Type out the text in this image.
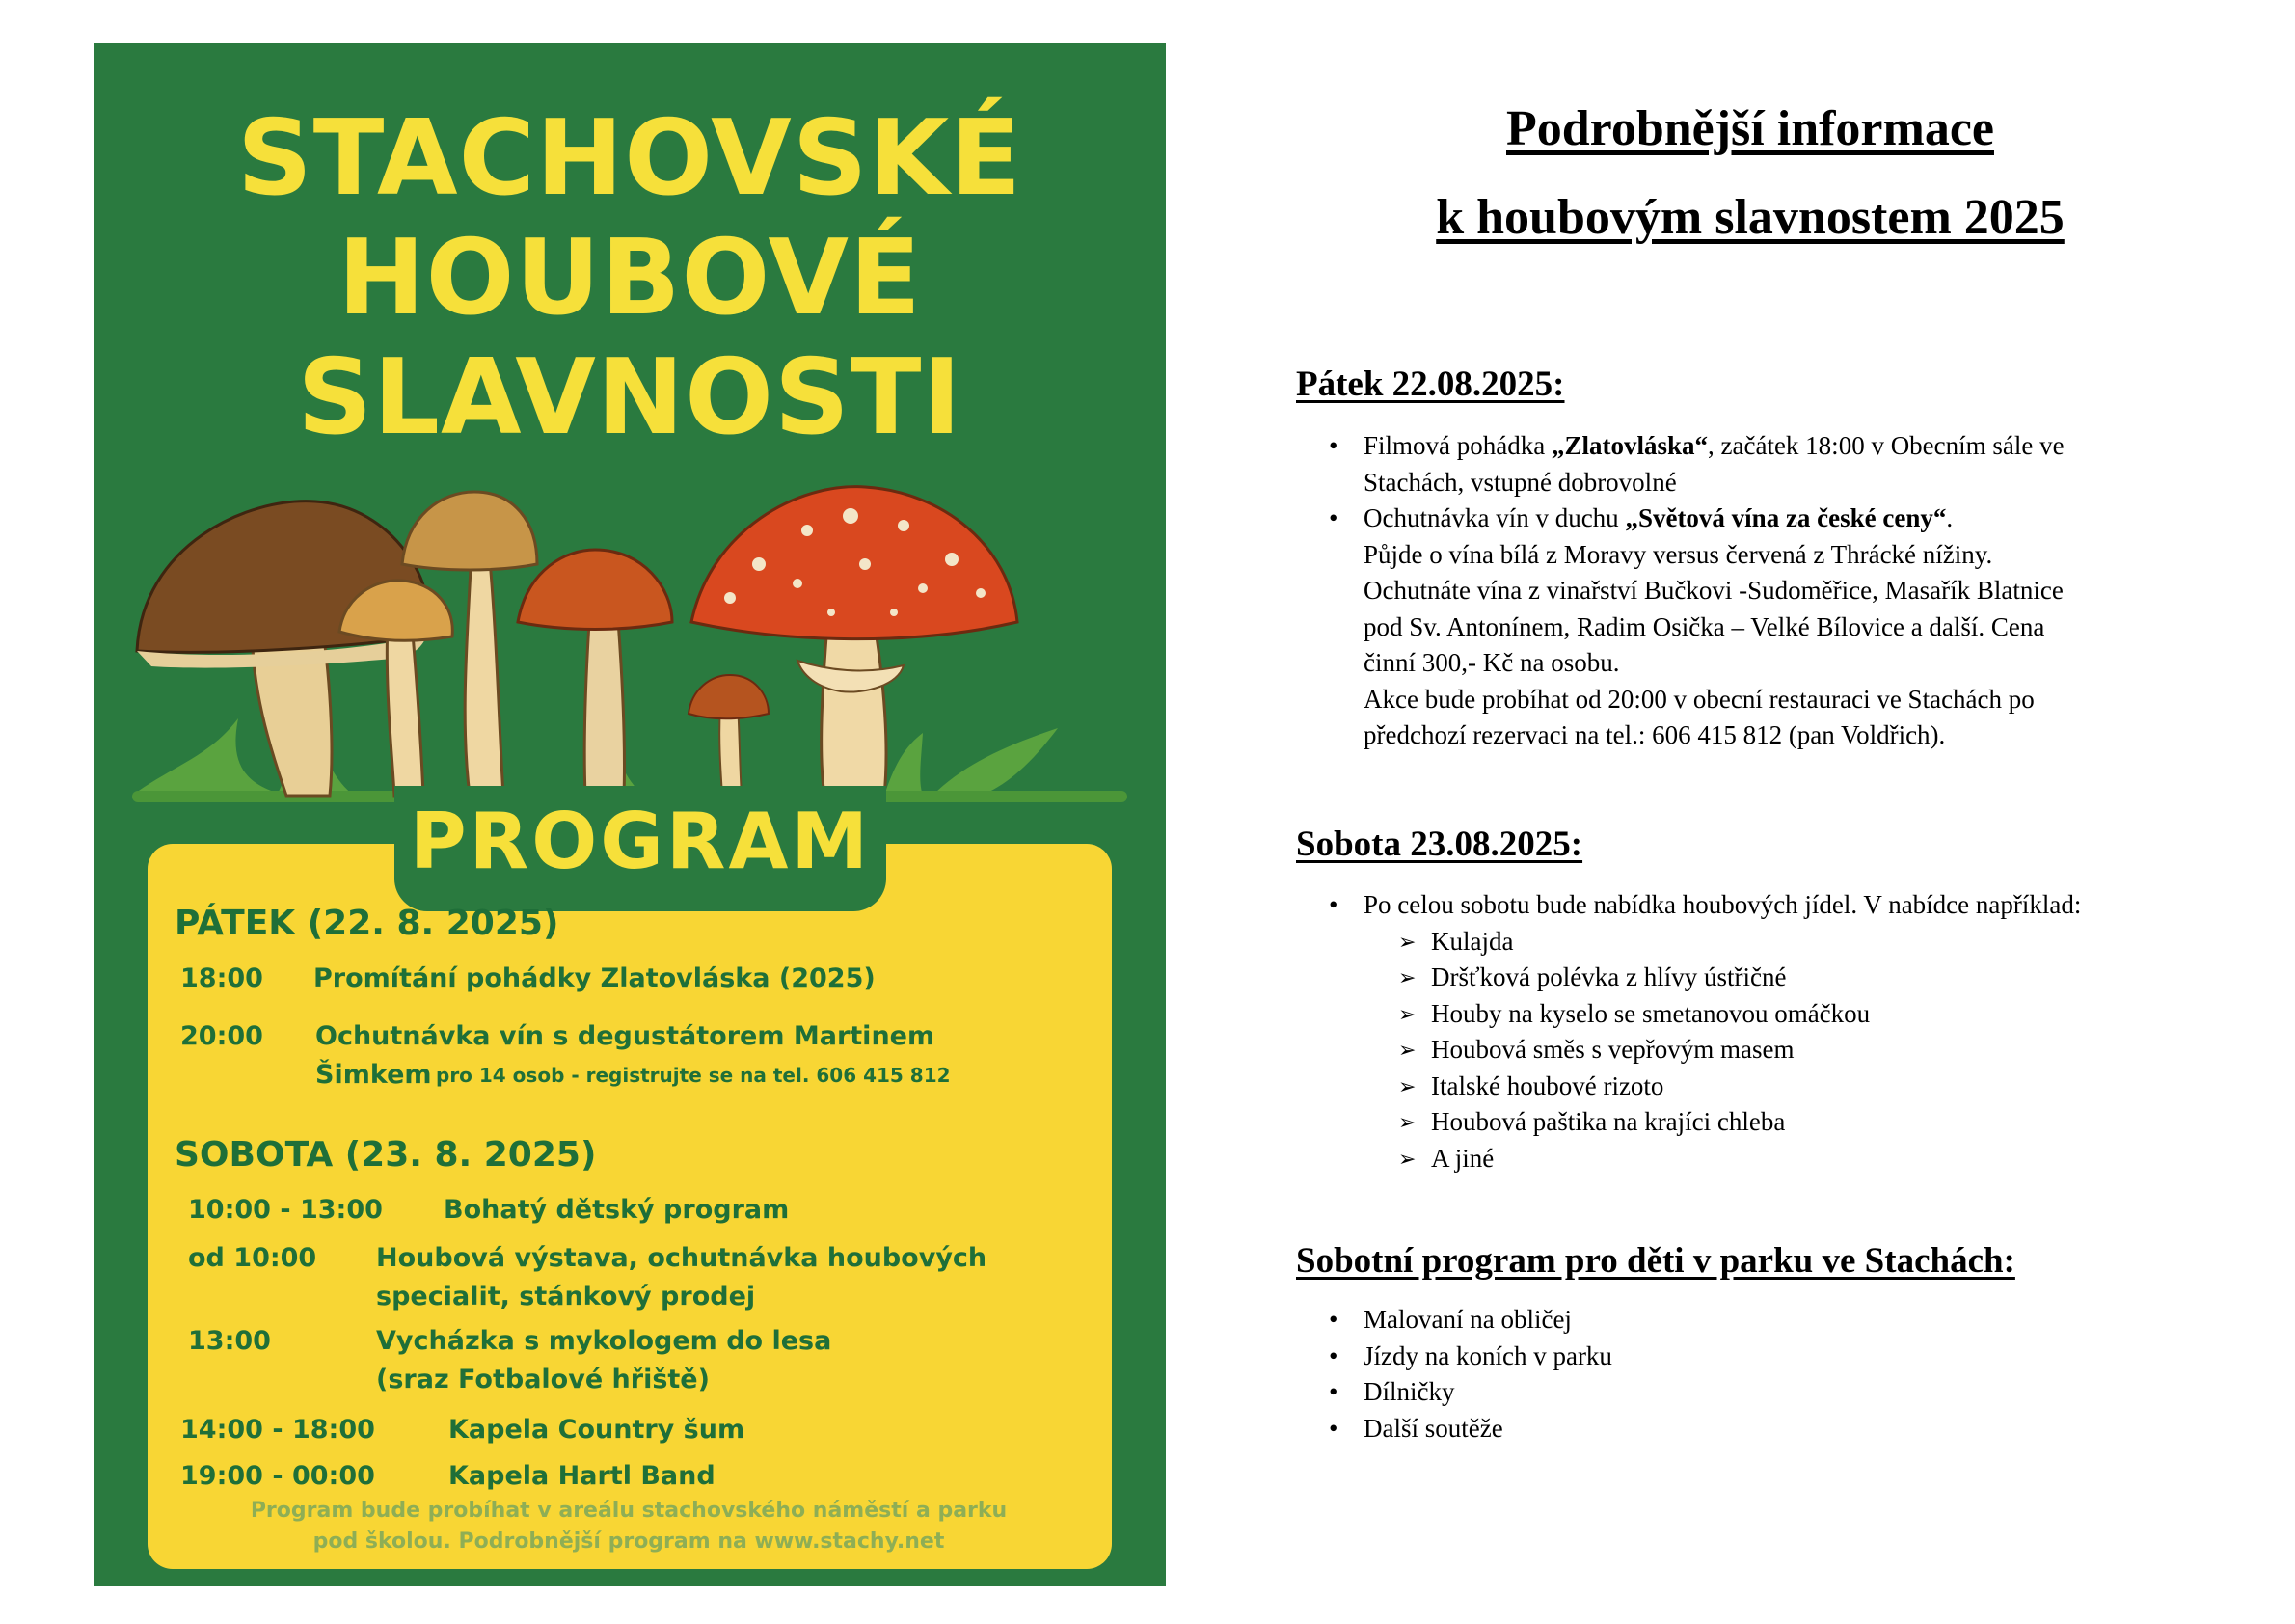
STACHOVSKÉ
HOUBOVÉ
SLAVNOSTI
PROGRAM
PÁTEK (22. 8. 2025)
18:00 Promítání pohádky Zlatovláska (2025)
20:00 Ochutnávka vín s degustátorem Martinem
Šimkem pro 14 osob - registrujte se na tel. 606 415 812
SOBOTA (23. 8. 2025)
10:00 - 13:00 Bohatý dětský program
od 10:00 Houbová výstava, ochutnávka houbových
specialit, stánkový prodej
13:00	Vycházka s mykologem do lesa
(sraz Fotbalové hřiště)
14:00 - 18:00	Kapela Country šum
19:00 - 00:00	Kapela Hartl Band
Program bude probíhat v areálu stachovského náměstí a parku
pod školou. Podrobnější program na www.stachy.net
Podrobnější informace
k houbovým slavnostem 2025
Pátek 22.08.2025:
• Filmová pohádka „Zlatovláska“, začátek 18:00 v Obecním sále ve
Stachách, vstupné dobrovolné
• Ochutnávka vín v duchu „Světová vína za české ceny“.
Půjde o vína bílá z Moravy versus červená z Thrácké nížiny.
Ochutnáte vína z vinařství Bučkovi -Sudoměřice, Masařík Blatnice
pod Sv. Antonínem, Radim Osička – Velké Bílovice a další. Cena
činní 300,- Kč na osobu.
Akce bude probíhat od 20:00 v obecní restauraci ve Stachách po
předchozí rezervaci na tel.: 606 415 812 (pan Voldřich).
Sobota 23.08.2025:
• Po celou sobotu bude nabídka houbových jídel. V nabídce například:
➢ Kulajda
➢ Dršťková polévka z hlívy ústřičné
➢ Houby na kyselo se smetanovou omáčkou
➢ Houbová směs s vepřovým masem
➢ Italské houbové rizoto
➢ Houbová paštika na krajíci chleba
➢ A jiné
Sobotní program pro děti v parku ve Stachách:
• Malovaní na obličej
• Jízdy na koních v parku
• Dílničky
• Další soutěže
